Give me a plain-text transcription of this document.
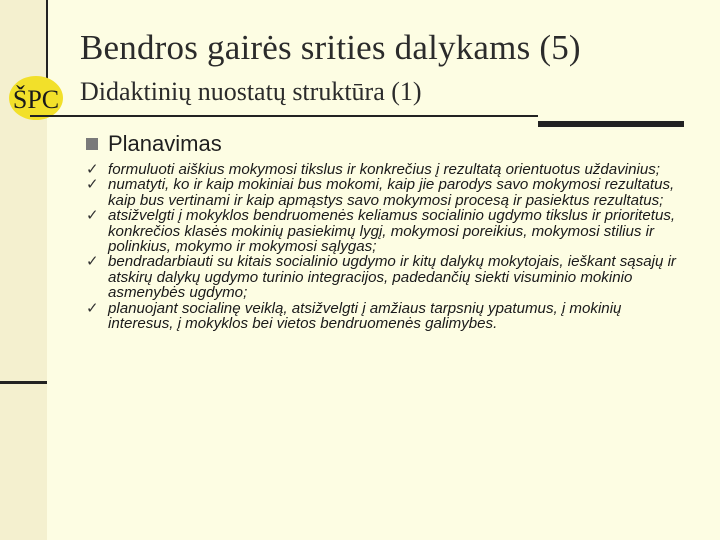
ŠPC
Bendros gairės srities dalykams (5)
Didaktinių nuostatų struktūra (1)
Planavimas
✓ formuluoti aiškius mokymosi tikslus ir konkrečius į rezultatą orientuotus uždavinius;
✓ numatyti, ko ir kaip mokiniai bus mokomi, kaip jie parodys savo mokymosi rezultatus, kaip bus vertinami ir kaip apmąstys savo mokymosi procesą ir pasiektus rezultatus;
✓ atsižvelgti į mokyklos bendruomenės keliamus socialinio ugdymo tikslus ir prioritetus, konkrečios klasės mokinių pasiekimų lygį, mokymosi poreikius, mokymosi stilius ir polinkius, mokymo ir mokymosi sąlygas;
✓ bendradarbiauti su kitais socialinio ugdymo ir kitų dalykų mokytojais, ieškant sąsajų ir atskirų dalykų ugdymo turinio integracijos, padedančių siekti visuminio mokinio asmenybės ugdymo;
✓ planuojant socialinę veiklą, atsižvelgti į amžiaus tarpsnių ypatumus, į mokinių interesus, į mokyklos bei vietos bendruomenės galimybes.
